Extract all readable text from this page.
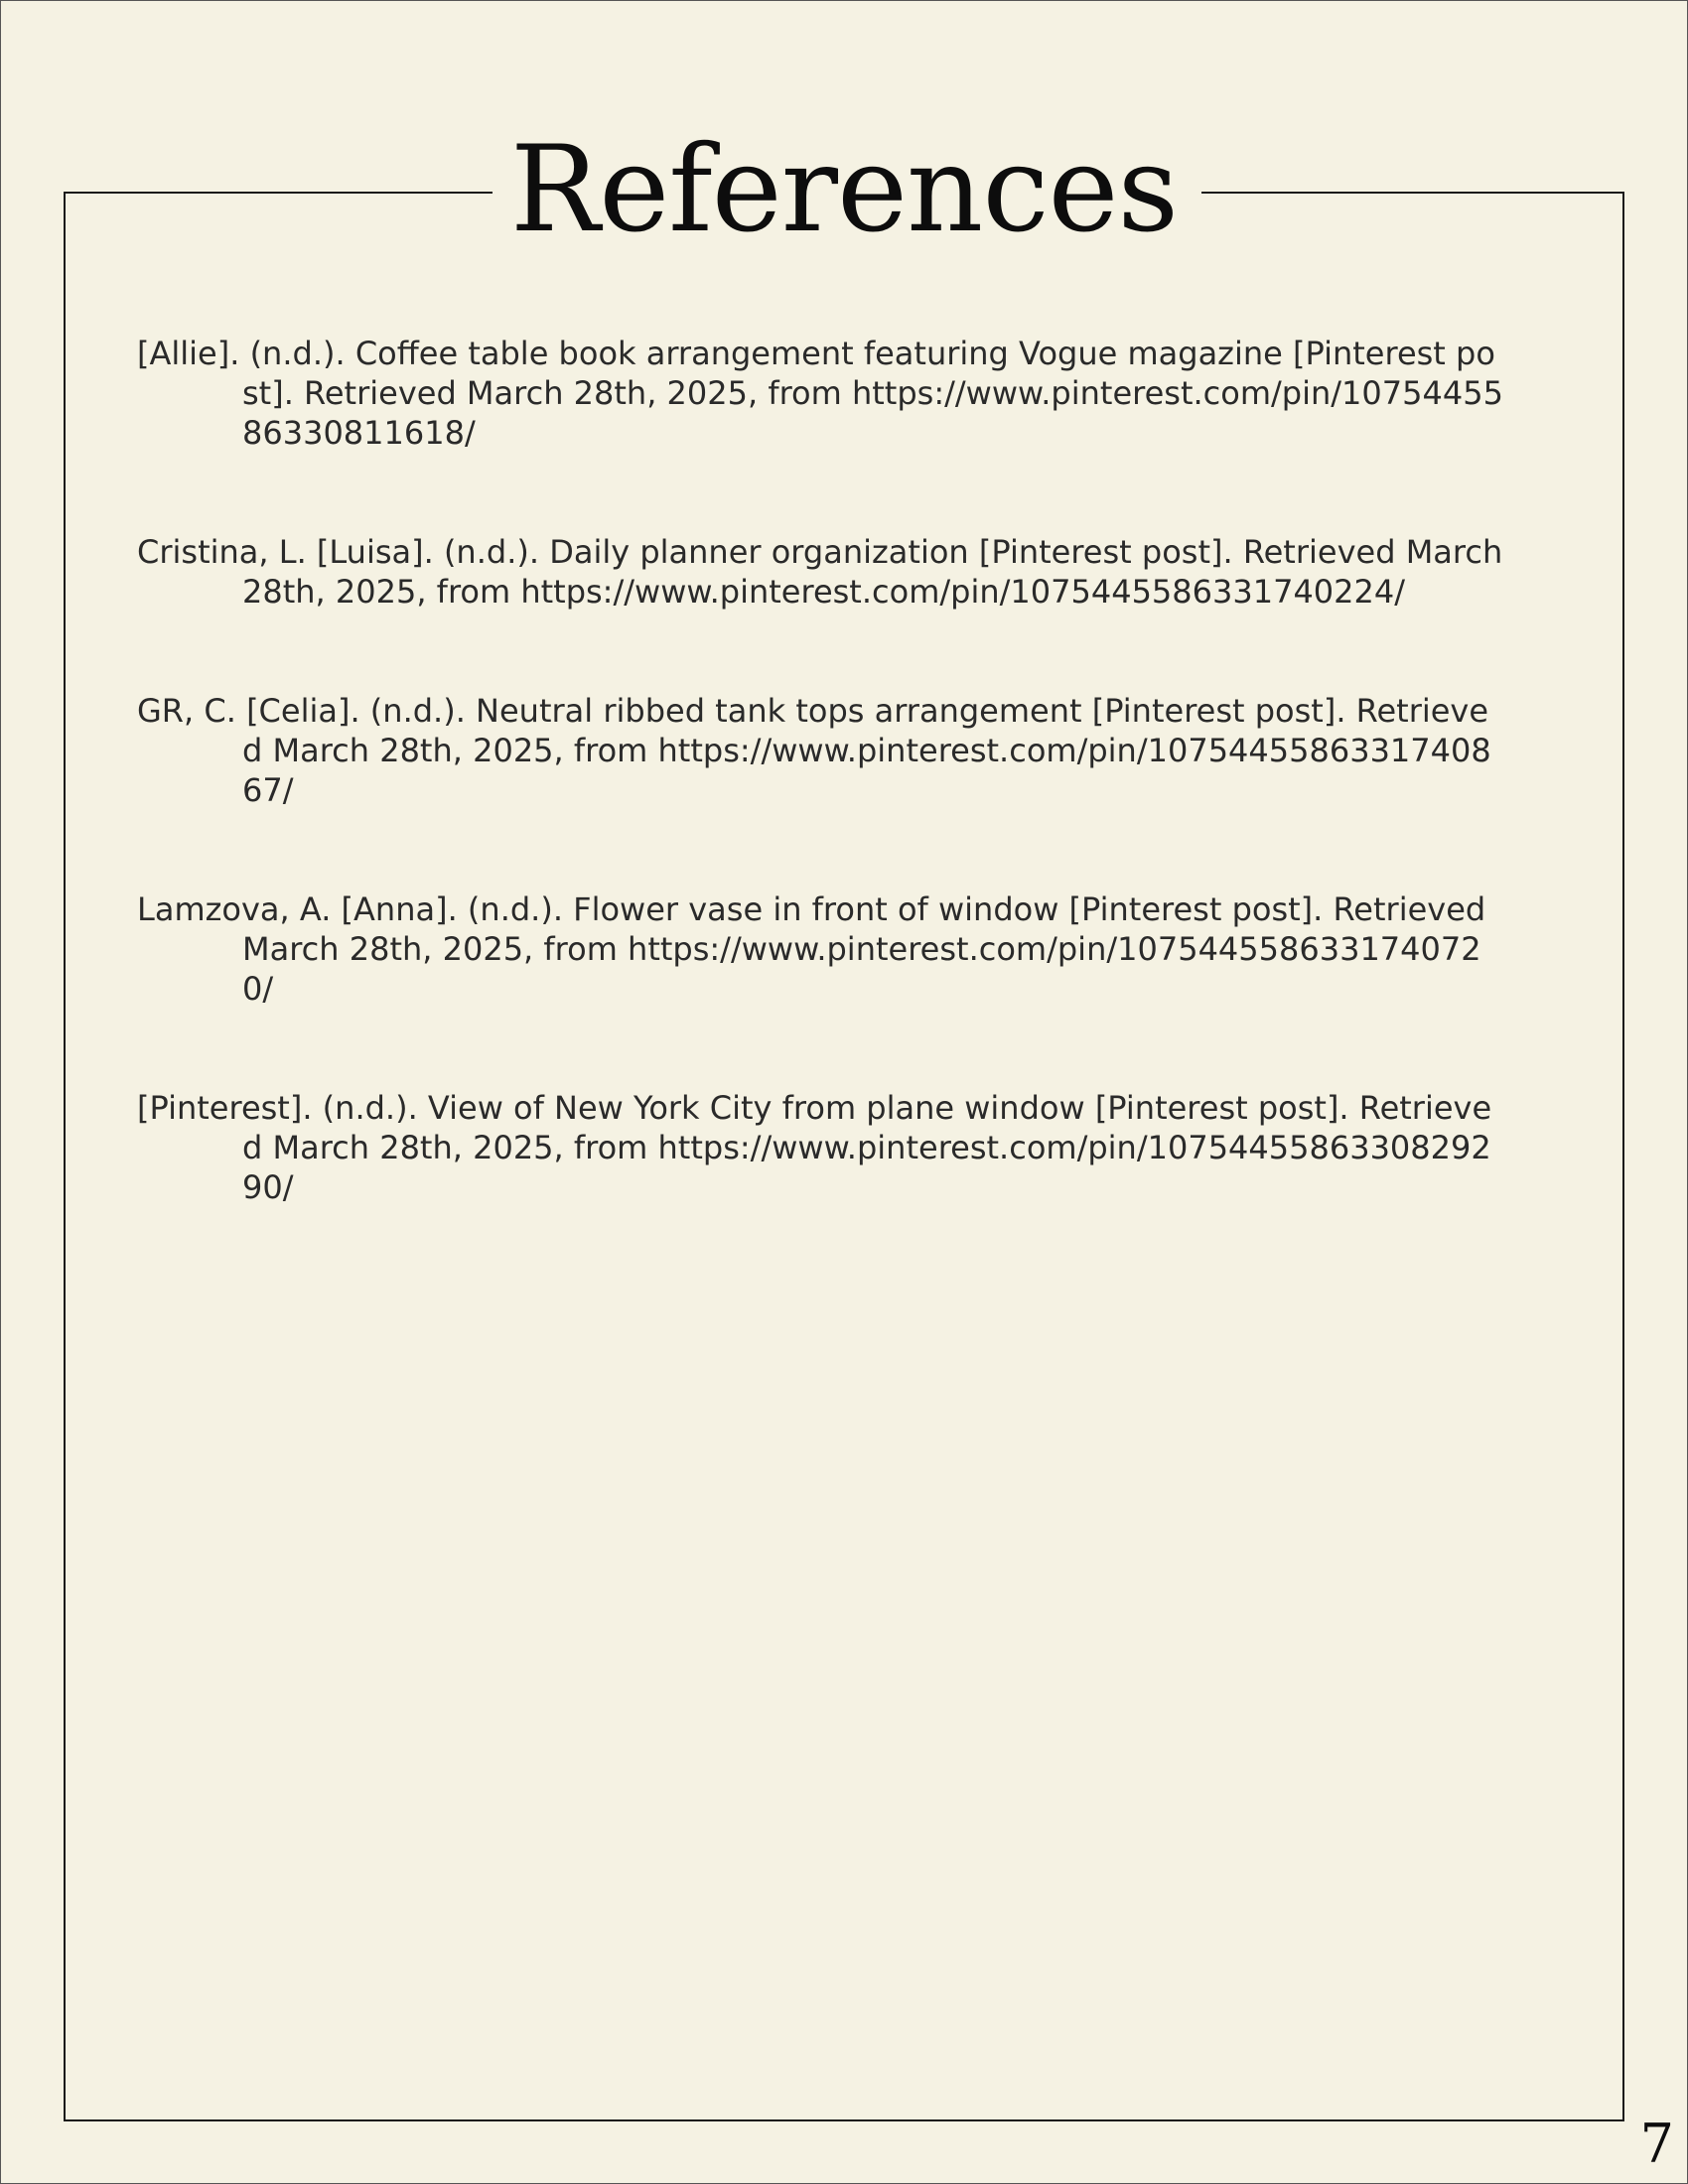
References

[Allie]. (n.d.). Coffee table book arrangement featuring Vogue magazine [Pinterest post]. Retrieved March 28th, 2025, from https://www.pinterest.com/pin/1075445586330811618/

Cristina, L. [Luisa]. (n.d.). Daily planner organization [Pinterest post]. Retrieved March 28th, 2025, from https://www.pinterest.com/pin/1075445586331740224/

GR, C. [Celia]. (n.d.). Neutral ribbed tank tops arrangement [Pinterest post]. Retrieved March 28th, 2025, from https://www.pinterest.com/pin/1075445586331740867/

Lamzova, A. [Anna]. (n.d.). Flower vase in front of window [Pinterest post]. Retrieved March 28th, 2025, from https://www.pinterest.com/pin/1075445586331740720/

[Pinterest]. (n.d.). View of New York City from plane window [Pinterest post]. Retrieved March 28th, 2025, from https://www.pinterest.com/pin/1075445586330829290/

7
